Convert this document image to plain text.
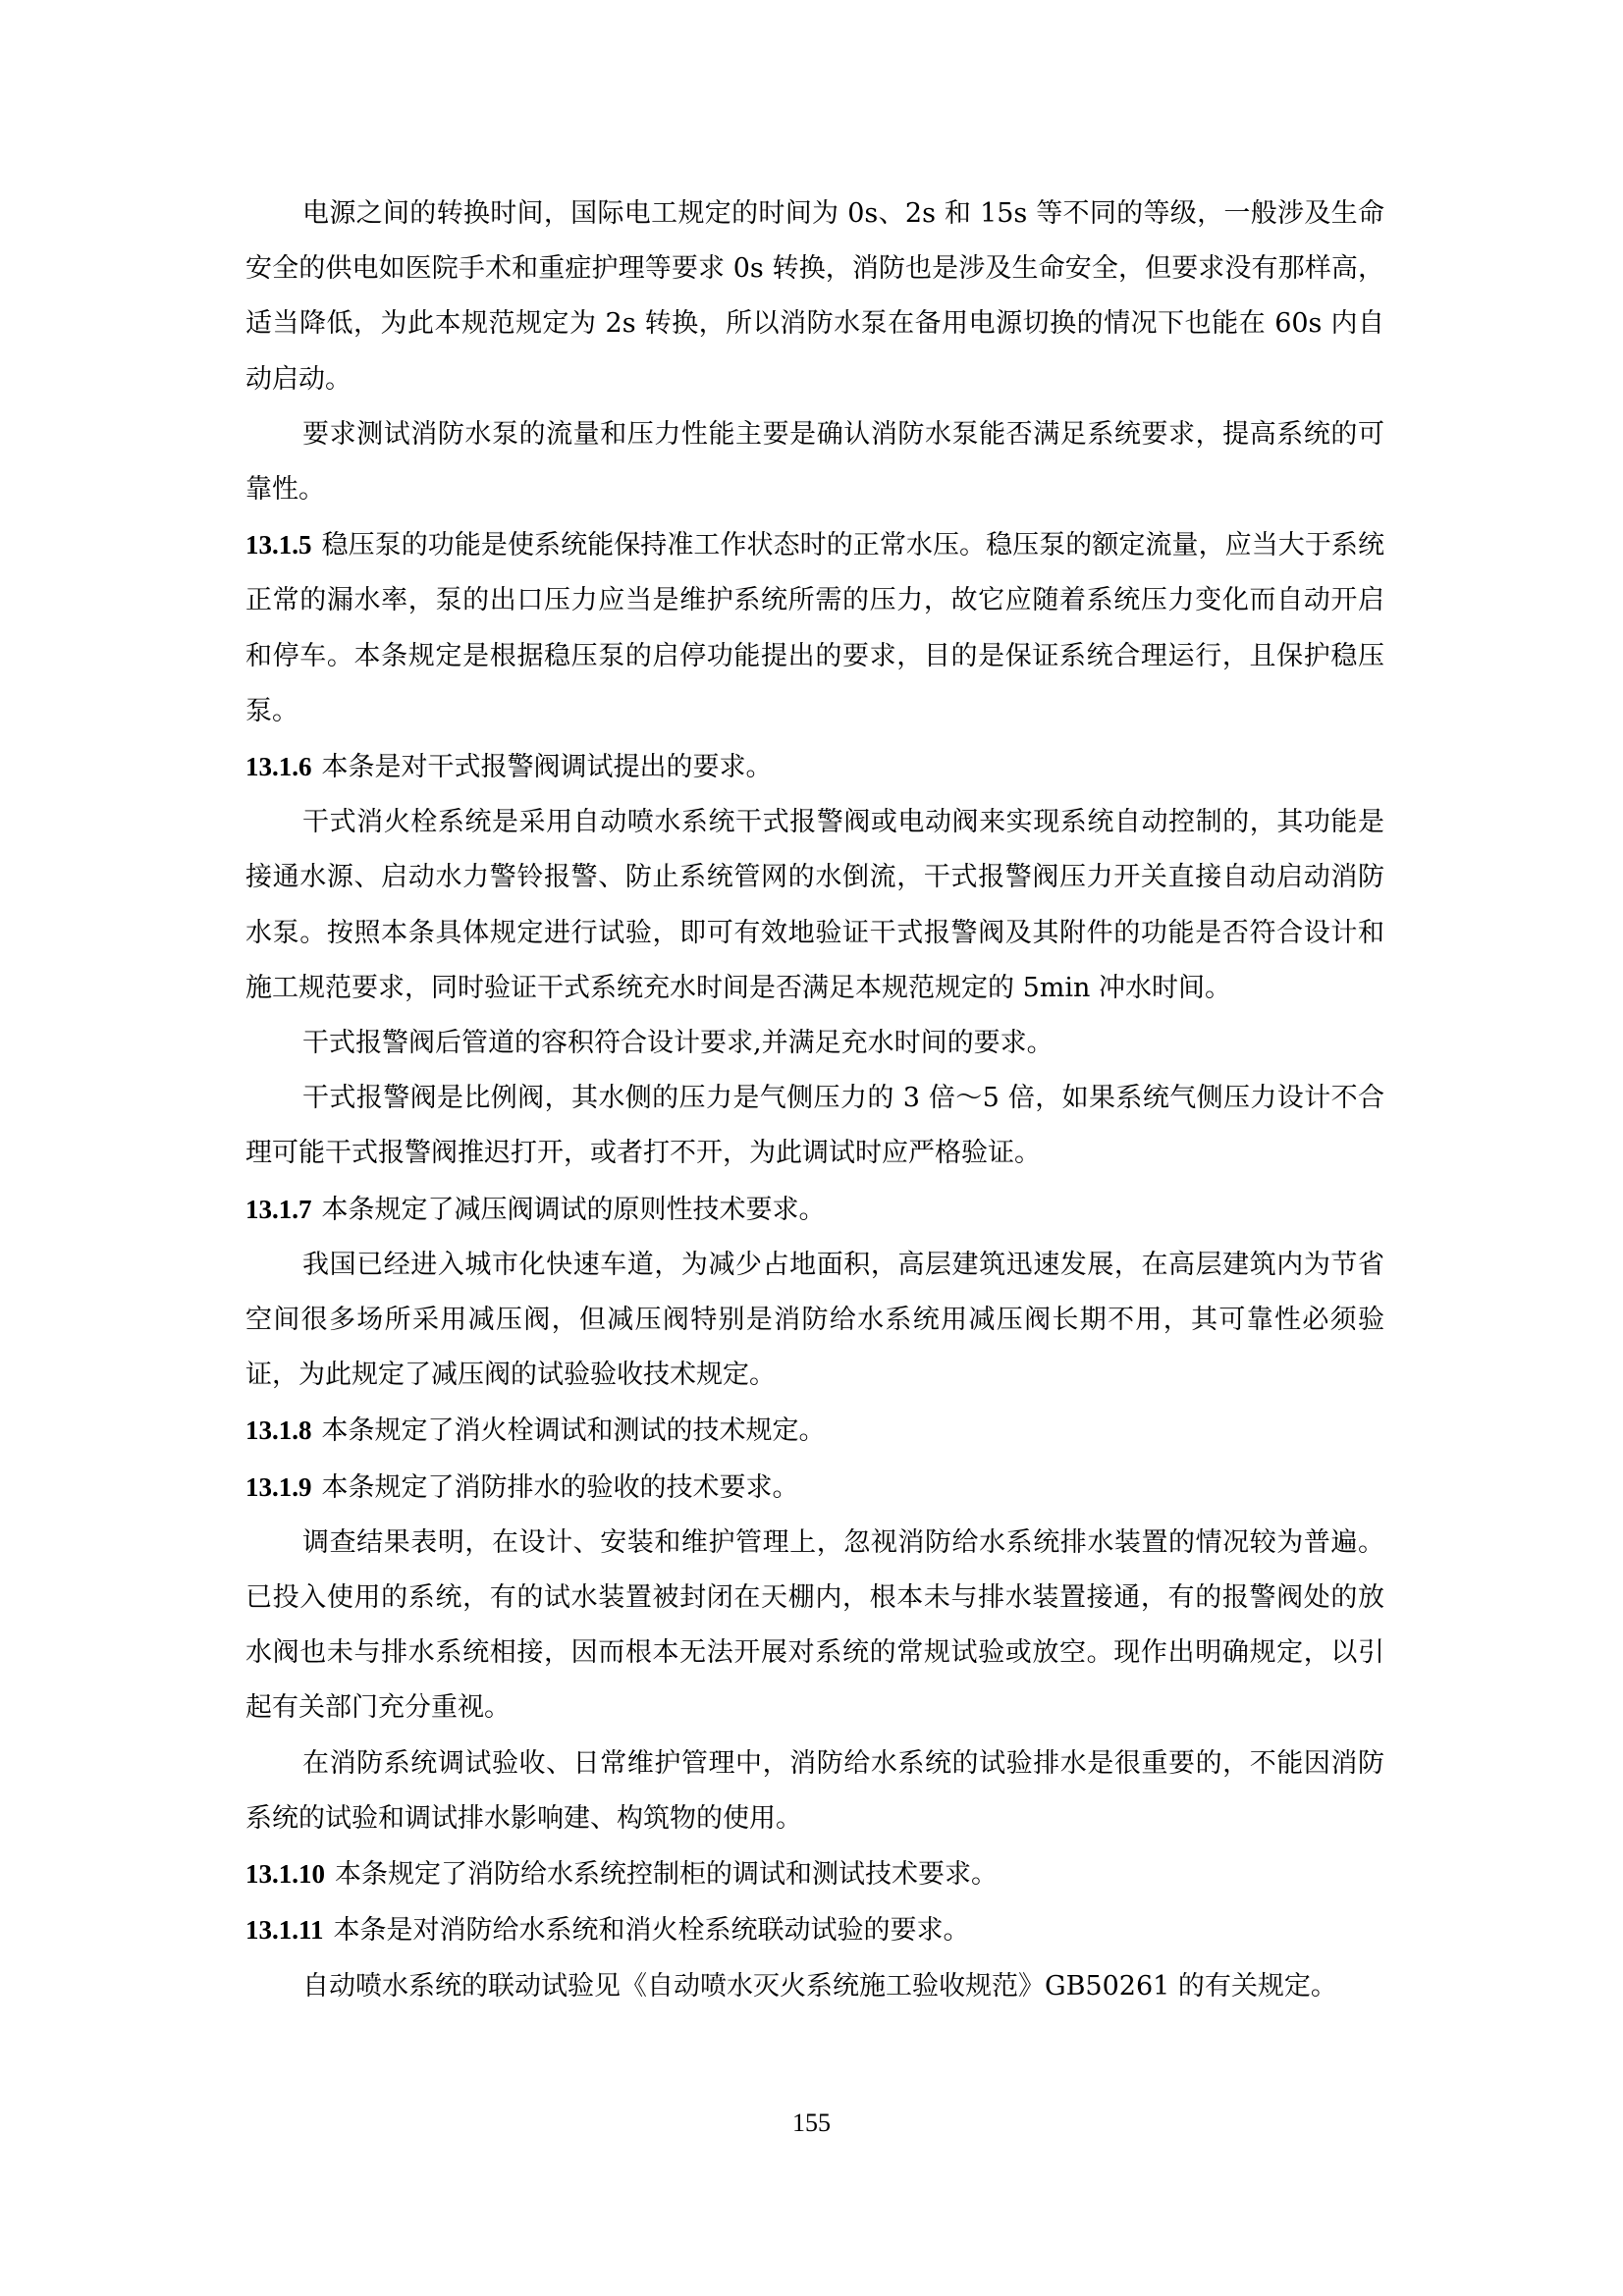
电源之间的转换时间，国际电工规定的时间为 0s、2s 和 15s 等不同的等级，一般涉及生命安全的供电如医院手术和重症护理等要求 0s 转换，消防也是涉及生命安全，但要求没有那样高，适当降低，为此本规范规定为 2s 转换，所以消防水泵在备用电源切换的情况下也能在 60s 内自动启动。

要求测试消防水泵的流量和压力性能主要是确认消防水泵能否满足系统要求，提高系统的可靠性。

13.1.5 稳压泵的功能是使系统能保持准工作状态时的正常水压。稳压泵的额定流量，应当大于系统正常的漏水率，泵的出口压力应当是维护系统所需的压力，故它应随着系统压力变化而自动开启和停车。本条规定是根据稳压泵的启停功能提出的要求，目的是保证系统合理运行，且保护稳压泵。

13.1.6 本条是对干式报警阀调试提出的要求。

干式消火栓系统是采用自动喷水系统干式报警阀或电动阀来实现系统自动控制的，其功能是接通水源、启动水力警铃报警、防止系统管网的水倒流，干式报警阀压力开关直接自动启动消防水泵。按照本条具体规定进行试验，即可有效地验证干式报警阀及其附件的功能是否符合设计和施工规范要求，同时验证干式系统充水时间是否满足本规范规定的 5min 冲水时间。

干式报警阀后管道的容积符合设计要求,并满足充水时间的要求。

干式报警阀是比例阀，其水侧的压力是气侧压力的 3 倍～5 倍，如果系统气侧压力设计不合理可能干式报警阀推迟打开，或者打不开，为此调试时应严格验证。

13.1.7 本条规定了减压阀调试的原则性技术要求。

我国已经进入城市化快速车道，为减少占地面积，高层建筑迅速发展，在高层建筑内为节省空间很多场所采用减压阀，但减压阀特别是消防给水系统用减压阀长期不用，其可靠性必须验证，为此规定了减压阀的试验验收技术规定。

13.1.8 本条规定了消火栓调试和测试的技术规定。

13.1.9 本条规定了消防排水的验收的技术要求。

调查结果表明，在设计、安装和维护管理上，忽视消防给水系统排水装置的情况较为普遍。已投入使用的系统，有的试水装置被封闭在天棚内，根本未与排水装置接通，有的报警阀处的放水阀也未与排水系统相接，因而根本无法开展对系统的常规试验或放空。现作出明确规定，以引起有关部门充分重视。

在消防系统调试验收、日常维护管理中，消防给水系统的试验排水是很重要的，不能因消防系统的试验和调试排水影响建、构筑物的使用。

13.1.10 本条规定了消防给水系统控制柜的调试和测试技术要求。

13.1.11 本条是对消防给水系统和消火栓系统联动试验的要求。

自动喷水系统的联动试验见《自动喷水灭火系统施工验收规范》GB50261 的有关规定。

155
